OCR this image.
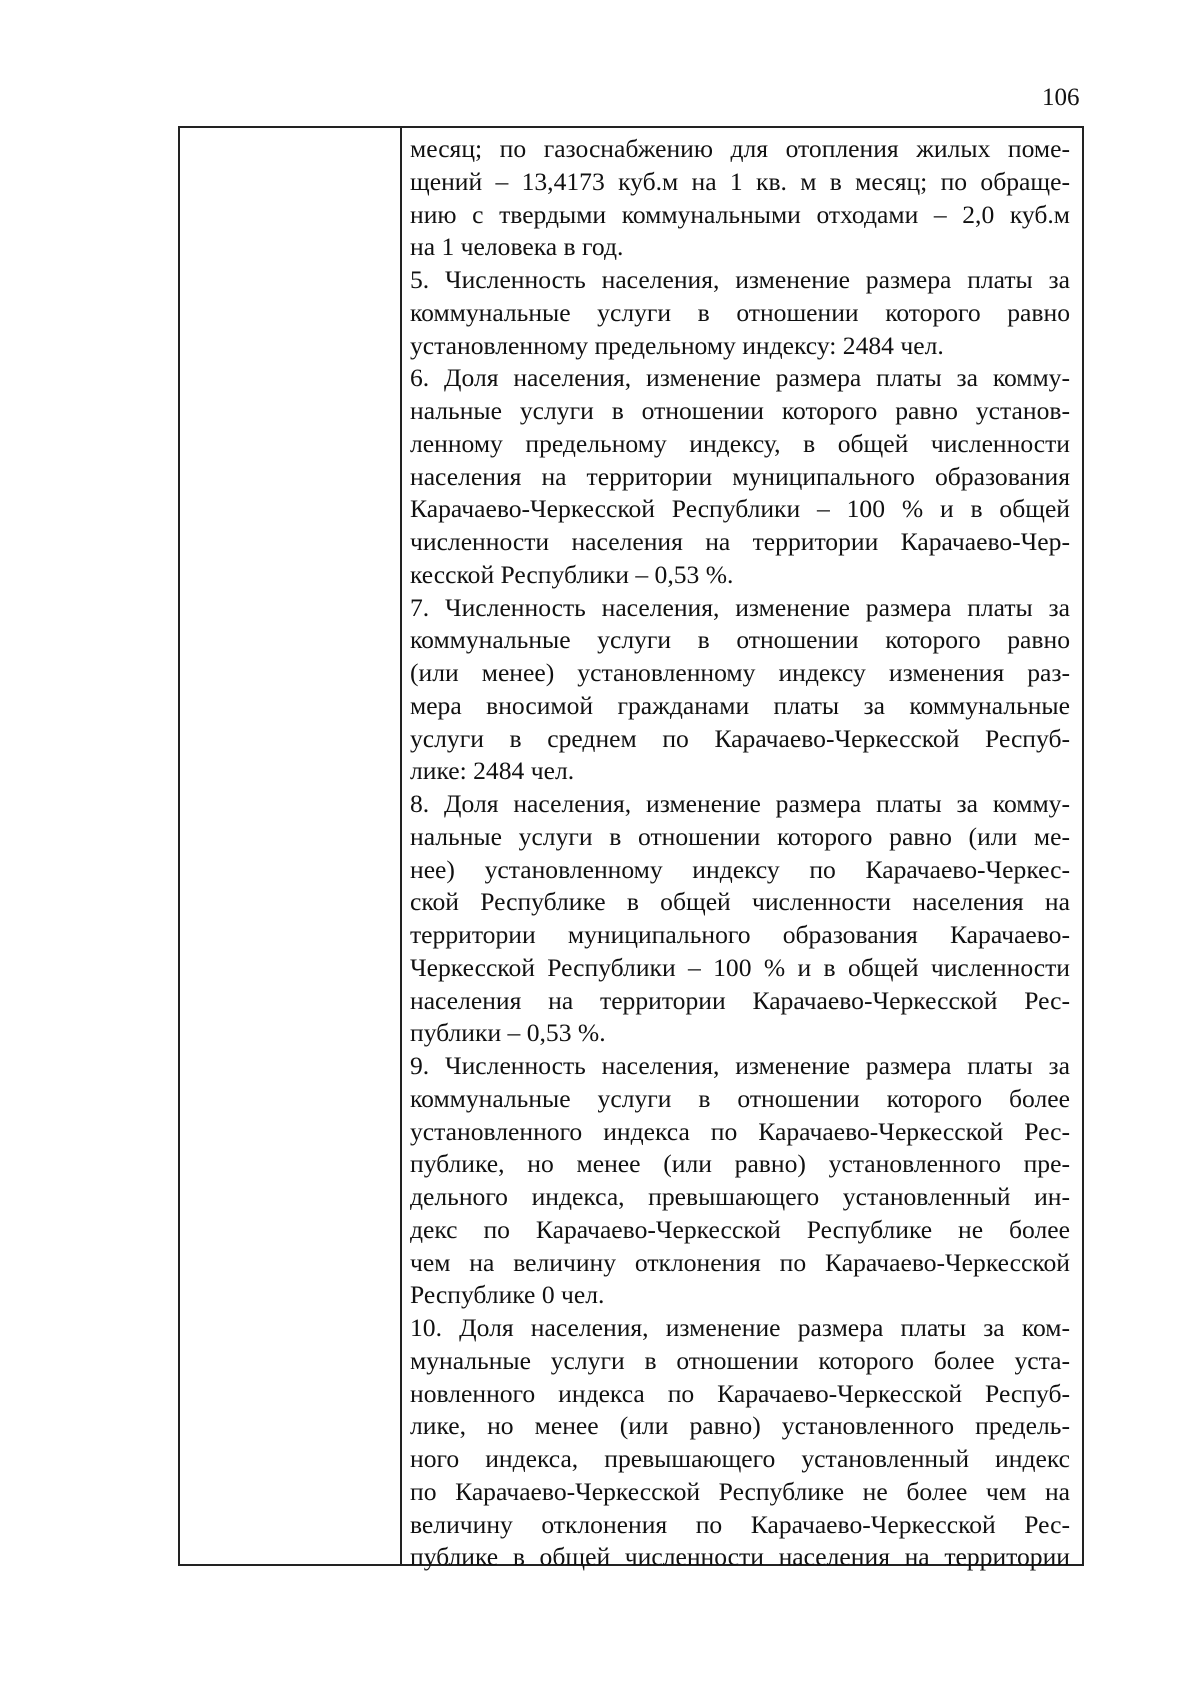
106

месяц; по газоснабжению для отопления жилых поме-
щений – 13,4173 куб.м на 1 кв. м в месяц; по обраще-
нию с твердыми коммунальными отходами – 2,0 куб.м
на 1 человека в год.

5. Численность населения, изменение размера платы за
коммунальные услуги в отношении которого равно
установленному предельному индексу: 2484 чел.

6. Доля населения, изменение размера платы за комму-
нальные услуги в отношении которого равно установ-
ленному предельному индексу, в общей численности
населения на территории муниципального образования
Карачаево-Черкесской Республики – 100 % и в общей
численности населения на территории Карачаево-Чер-
кесской Республики – 0,53 %.

7. Численность населения, изменение размера платы за
коммунальные услуги в отношении которого равно
(или менее) установленному индексу изменения раз-
мера вносимой гражданами платы за коммунальные
услуги в среднем по Карачаево-Черкесской Респуб-
лике: 2484 чел.

8. Доля населения, изменение размера платы за комму-
нальные услуги в отношении которого равно (или ме-
нее) установленному индексу по Карачаево-Черкес-
ской Республике в общей численности населения на
территории муниципального образования Карачаево-
Черкесской Республики – 100 % и в общей численности
населения на территории Карачаево-Черкесской Рес-
публики – 0,53 %.

9. Численность населения, изменение размера платы за
коммунальные услуги в отношении которого более
установленного индекса по Карачаево-Черкесской Рес-
публике, но менее (или равно) установленного пре-
дельного индекса, превышающего установленный ин-
декс по Карачаево-Черкесской Республике не более
чем на величину отклонения по Карачаево-Черкесской
Республике 0 чел.

10. Доля населения, изменение размера платы за ком-
мунальные услуги в отношении которого более уста-
новленного индекса по Карачаево-Черкесской Респуб-
лике, но менее (или равно) установленного предель-
ного индекса, превышающего установленный индекс
по Карачаево-Черкесской Республике не более чем на
величину отклонения по Карачаево-Черкесской Рес-
публике в общей численности населения на территории
